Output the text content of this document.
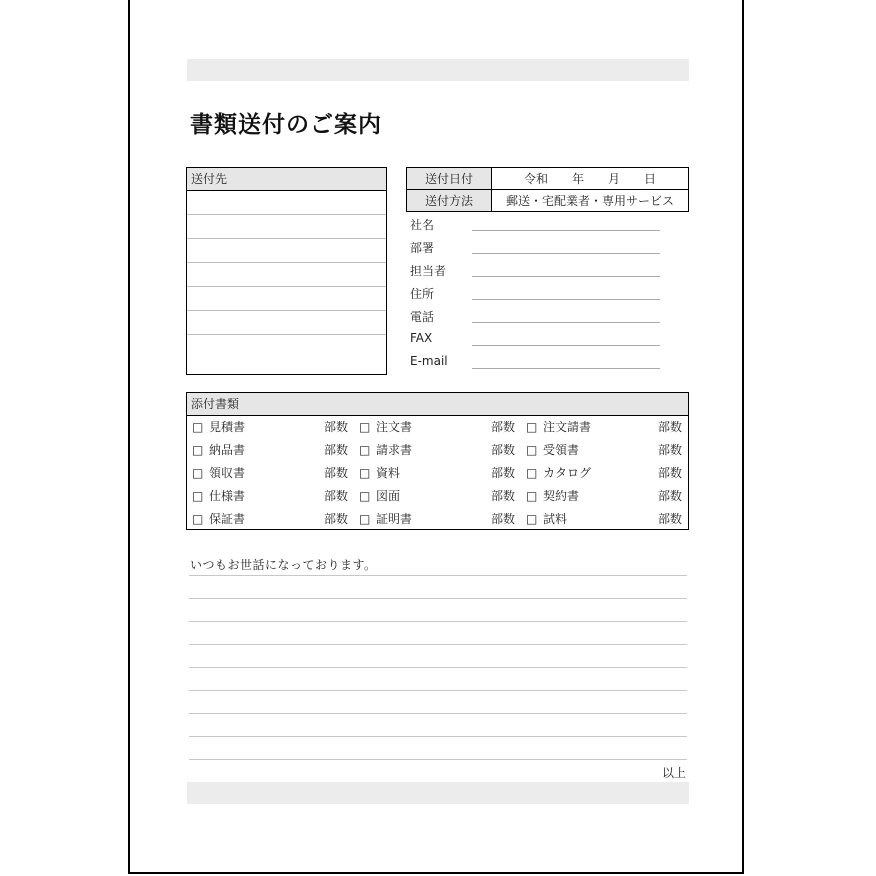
書類送付のご案内
送付先	送付日付	令和　　年　　月　　日
送付方法	郵送・宅配業者・専用サービス
社名
部署
担当者
住所
電話
FAX
E-mail
添付書類
□ 見積書	部数 □ 注文書	部数 □ 注文請書	部数
□ 納品書	部数 □ 請求書	部数 □ 受領書	部数
□ 領収書	部数 □ 資料	部数 □ カタログ	部数
□ 仕様書	部数 □ 図面	部数 □ 契約書	部数
□ 保証書	部数 □ 証明書	部数 □ 試料	部数
いつもお世話になっております。
以上
